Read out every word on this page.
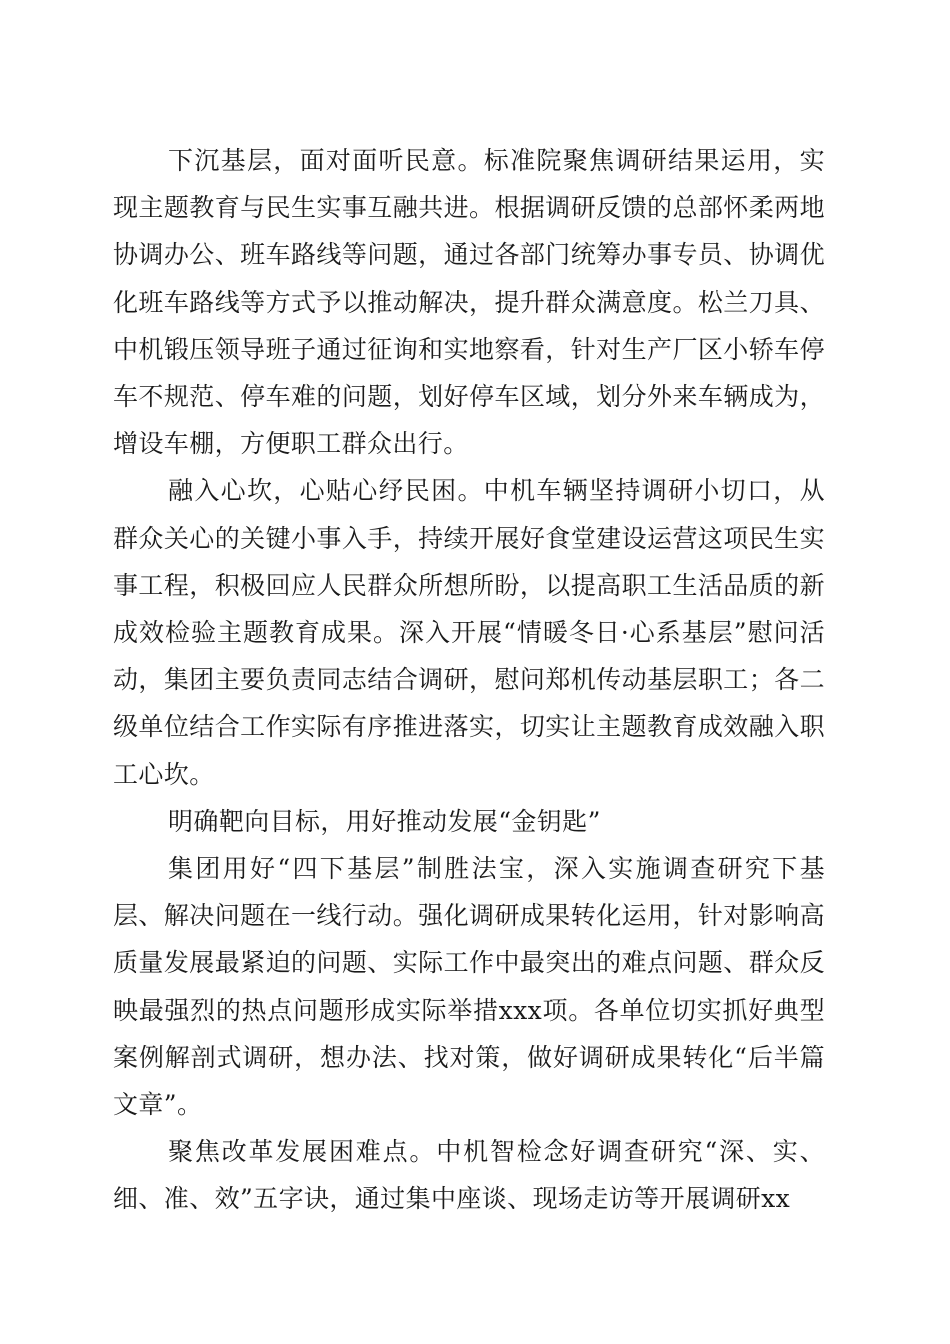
下沉基层，面对面听民意。标准院聚焦调研结果运用，实现主题教育与民生实事互融共进。根据调研反馈的总部怀柔两地协调办公、班车路线等问题，通过各部门统筹办事专员、协调优化班车路线等方式予以推动解决，提升群众满意度。松兰刀具、中机锻压领导班子通过征询和实地察看，针对生产厂区小轿车停车不规范、停车难的问题，划好停车区域，划分外来车辆成为，增设车棚，方便职工群众出行。

融入心坎，心贴心纾民困。中机车辆坚持调研小切口，从群众关心的关键小事入手，持续开展好食堂建设运营这项民生实事工程，积极回应人民群众所想所盼，以提高职工生活品质的新成效检验主题教育成果。深入开展“情暖冬日·心系基层”慰问活动，集团主要负责同志结合调研，慰问郑机传动基层职工；各二级单位结合工作实际有序推进落实，切实让主题教育成效融入职工心坎。

明确靶向目标，用好推动发展“金钥匙”

集团用好“四下基层”制胜法宝，深入实施调查研究下基层、解决问题在一线行动。强化调研成果转化运用，针对影响高质量发展最紧迫的问题、实际工作中最突出的难点问题、群众反映最强烈的热点问题形成实际举措xxx项。各单位切实抓好典型案例解剖式调研，想办法、找对策，做好调研成果转化“后半篇文章”。

聚焦改革发展困难点。中机智检念好调查研究“深、实、细、准、效”五字诀，通过集中座谈、现场走访等开展调研xx
